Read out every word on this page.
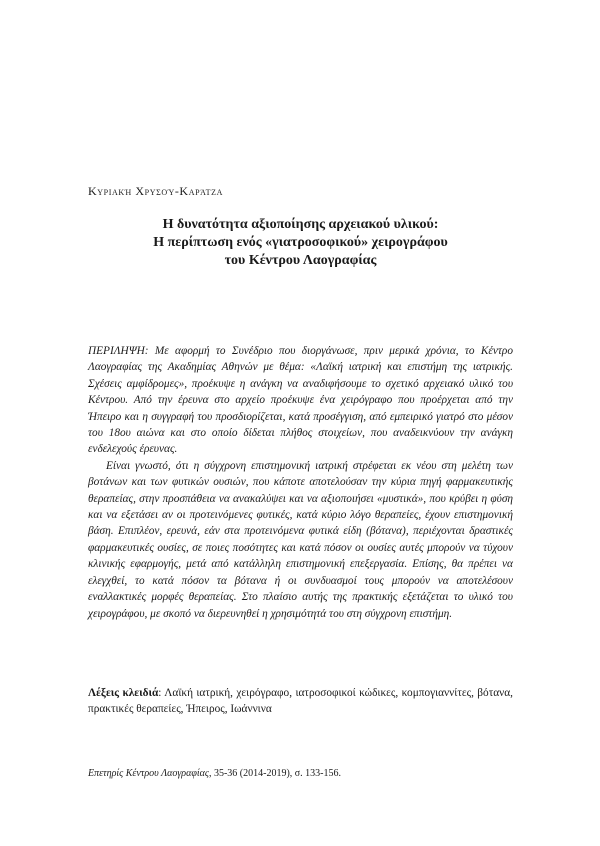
Κυριακή Χρυσού-Καράτζα
Η δυνατότητα αξιοποίησης αρχειακού υλικού:
Η περίπτωση ενός «γιατροσοφικού» χειρογράφου
του Κέντρου Λαογραφίας

ΠΕΡΙΛΗΨΗ: Με αφορμή το Συνέδριο που διοργάνωσε, πριν μερικά χρόνια, το Κέντρο Λαογραφίας της Ακαδημίας Αθηνών με θέμα: «Λαϊκή ιατρική και επιστήμη της ιατρικής. Σχέσεις αμφίδρομες», προέκυψε η ανάγκη να αναδιφήσουμε το σχετικό αρχειακό υλικό του Κέντρου. Από την έρευνα στο αρχείο προέκυψε ένα χειρόγραφο που προέρχεται από την Ήπειρο και η συγγραφή του προσδιορίζεται, κατά προσέγγιση, από εμπειρικό γιατρό στο μέσον του 18ου αιώνα και στο οποίο δίδεται πλήθος στοιχείων, που αναδεικνύουν την ανάγκη ενδελεχούς έρευνας.

Είναι γνωστό, ότι η σύγχρονη επιστημονική ιατρική στρέφεται εκ νέου στη μελέτη των βοτάνων και των φυτικών ουσιών, που κάποτε αποτελούσαν την κύρια πηγή φαρμακευτικής θεραπείας, στην προσπάθεια να ανακαλύψει και να αξιοποιήσει «μυστικά», που κρύβει η φύση και να εξετάσει αν οι προτεινόμενες φυτικές, κατά κύριο λόγο θεραπείες, έχουν επιστημονική βάση. Επιπλέον, ερευνά, εάν στα προτεινόμενα φυτικά είδη (βότανα), περιέχονται δραστικές φαρμακευτικές ουσίες, σε ποιες ποσότητες και κατά πόσον οι ουσίες αυτές μπορούν να τύχουν κλινικής εφαρμογής, μετά από κατάλληλη επιστημονική επεξεργασία. Επίσης, θα πρέπει να ελεγχθεί, το κατά πόσον τα βότανα ή οι συνδυασμοί τους μπορούν να αποτελέσουν εναλλακτικές μορφές θεραπείας. Στο πλαίσιο αυτής της πρακτικής εξετάζεται το υλικό του χειρογράφου, με σκοπό να διερευνηθεί η χρησιμότητά του στη σύγχρονη επιστήμη.

Λέξεις κλειδιά: Λαϊκή ιατρική, χειρόγραφο, ιατροσοφικοί κώδικες, κομπογιαννίτες, βότανα, πρακτικές θεραπείες, Ήπειρος, Ιωάννινα
Επετηρίς Κέντρου Λαογραφίας, 35-36 (2014-2019), σ. 133-156.
